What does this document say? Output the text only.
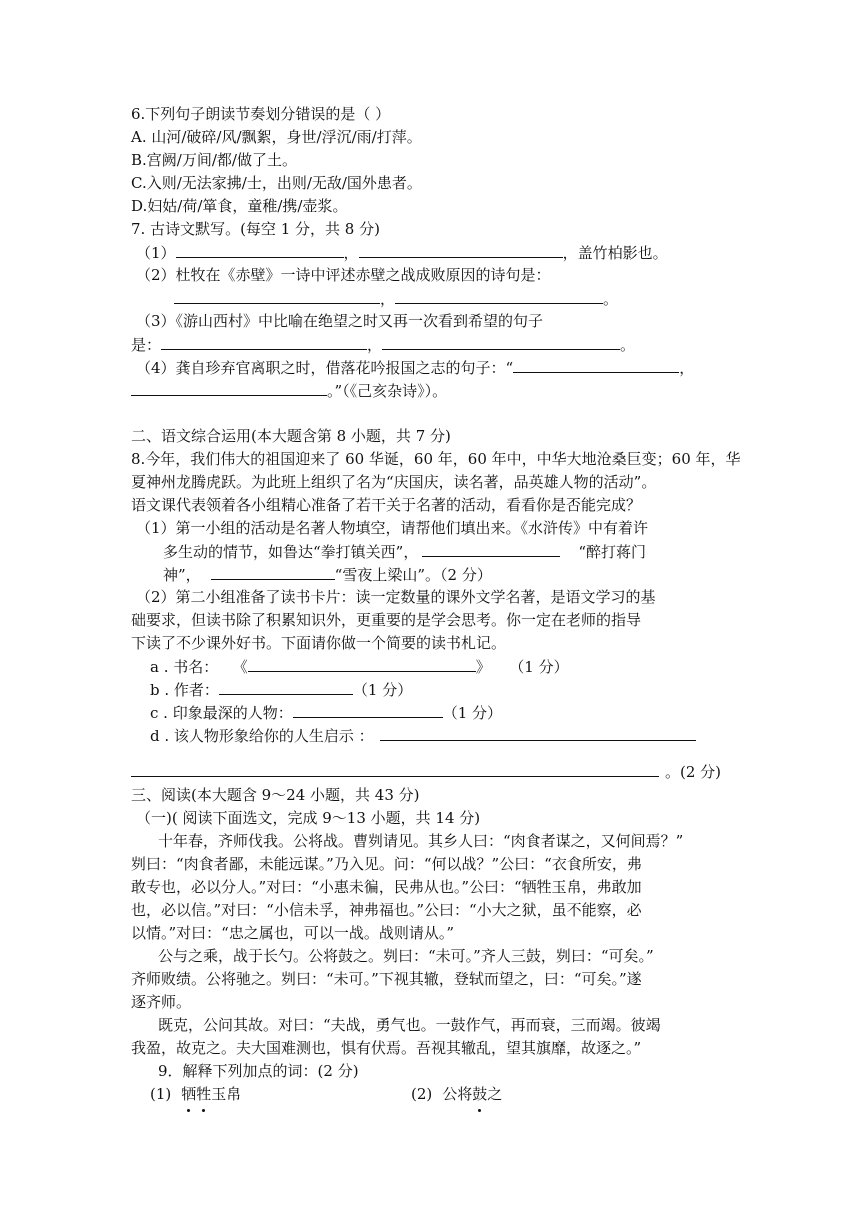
6.下列句子朗读节奏划分错误的是（ ）
A. 山河/破碎/风/飘絮，身世/浮沉/雨/打萍。
B.宫阙/万间/都/做了土。
C.入则/无法家拂/士，出则/无敌/国外患者。
D.妇姑/荷/箪食，童稚/携/壶浆。
7. 古诗文默写。(每空 1 分，共 8 分)
（1）	，	，盖竹柏影也。
（2）杜牧在《赤壁》一诗中评述赤壁之战成败原因的诗句是：
，	。
（3）《游山西村》中比喻在绝望之时又再一次看到希望的句子
是：	，	。
（4）龚自珍弃官离职之时，借落花吟报国之志的句子：“	，
。”（《己亥杂诗》）。
二、语文综合运用(本大题含第 8 小题，共 7 分)
8.今年，我们伟大的祖国迎来了 60 华诞，60 年，60 年中，中华大地沧桑巨变；60 年，华
夏神州龙腾虎跃。为此班上组织了名为“庆国庆，读名著，品英雄人物的活动”。
语文课代表领着各小组精心准备了若干关于名著的活动，看看你是否能完成？
（1）第一小组的活动是名著人物填空，请帮他们填出来。《水浒传》中有着许
多生动的情节，如鲁达“拳打镇关西”，	“醉打蒋门
神”，	“雪夜上梁山”。（2 分）
（2）第二小组准备了读书卡片：读一定数量的课外文学名著，是语文学习的基
础要求，但读书除了积累知识外，更重要的是学会思考。你一定在老师的指导
下读了不少课外好书。下面请你做一个简要的读书札记。
a . 书名： 《	》 （1 分）
b . 作者：	（1 分）
c . 印象最深的人物：	（1 分）
d . 该人物形象给你的人生启示 ：
。(2 分)
三、阅读(本大题含 9～24 小题，共 43 分)
（一)( 阅读下面选文，完成 9～13 小题，共 14 分)
十年春，齐师伐我。公将战。曹刿请见。其乡人曰：“肉食者谋之，又何间焉？”
刿曰：“肉食者鄙，未能远谋。”乃入见。问：“何以战？”公曰：“衣食所安，弗
敢专也，必以分人。”对曰：“小惠未徧，民弗从也。”公曰：“牺牲玉帛，弗敢加
也，必以信。”对曰：“小信未孚，神弗福也。”公曰：“小大之狱，虽不能察，必
以情。”对曰：“忠之属也，可以一战。战则请从。”
公与之乘，战于长勺。公将鼓之。刿曰：“未可。”齐人三鼓，刿曰：“可矣。”
齐师败绩。公将驰之。刿曰：“未可。”下视其辙，登轼而望之，曰：“可矣。”遂
逐齐师。
既克，公问其故。对曰：“夫战，勇气也。一鼓作气，再而衰，三而竭。彼竭
我盈，故克之。夫大国难测也，惧有伏焉。吾视其辙乱，望其旗靡，故逐之。”
9．解释下列加点的词：(2 分)
(1) 牺牲玉帛	(2) 公将鼓之
